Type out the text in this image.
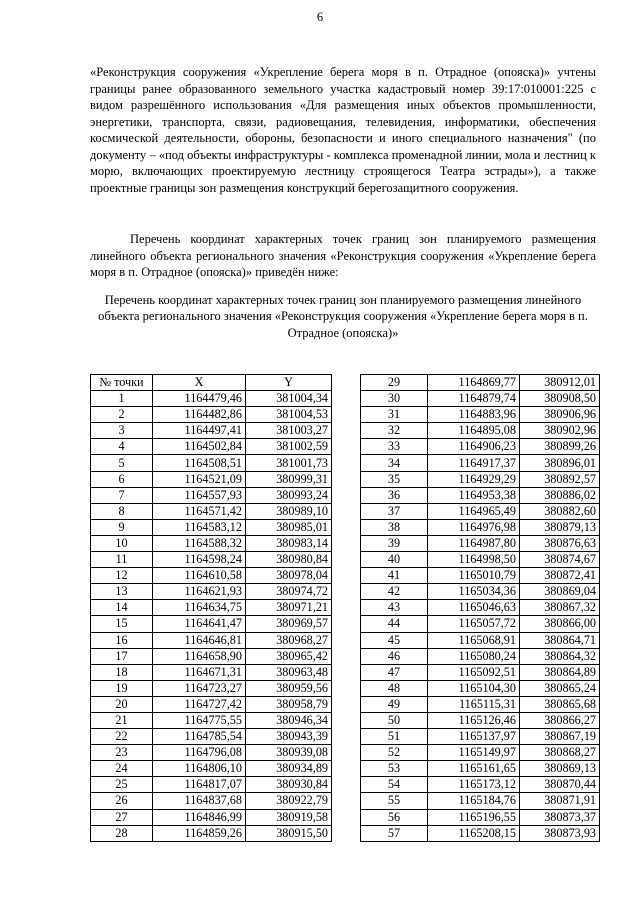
6

«Реконструкция сооружения «Укрепление берега моря в п. Отрадное (опояска)» учтены границы ранее образованного земельного участка кадастровый номер 39:17:010001:225 с видом разрешённого использования «Для размещения иных объектов промышленности, энергетики, транспорта, связи, радиовещания, телевидения, информатики, обеспечения космической деятельности, обороны, безопасности и иного специального назначения" (по документу – «под объекты инфраструктуры - комплекса променадной линии, мола и лестниц к морю, включающих проектируемую лестницу строящегося Театра эстрады»), а также проектные границы зон размещения конструкций берегозащитного сооружения.

Перечень координат характерных точек границ зон планируемого размещения линейного объекта регионального значения «Реконструкция сооружения «Укрепление берега моря в п. Отрадное (опояска)» приведён ниже:

Перечень координат характерных точек границ зон планируемого размещения линейного объекта регионального значения «Реконструкция сооружения «Укрепление берега моря в п. Отрадное (опояска)»

№ точки	X	Y
1	1164479,46	381004,34
2	1164482,86	381004,53
3	1164497,41	381003,27
4	1164502,84	381002,59
5	1164508,51	381001,73
6	1164521,09	380999,31
7	1164557,93	380993,24
8	1164571,42	380989,10
9	1164583,12	380985,01
10	1164588,32	380983,14
11	1164598,24	380980,84
12	1164610,58	380978,04
13	1164621,93	380974,72
14	1164634,75	380971,21
15	1164641,47	380969,57
16	1164646,81	380968,27
17	1164658,90	380965,42
18	1164671,31	380963,48
19	1164723,27	380959,56
20	1164727,42	380958,79
21	1164775,55	380946,34
22	1164785,54	380943,39
23	1164796,08	380939,08
24	1164806,10	380934,89
25	1164817,07	380930,84
26	1164837,68	380922,79
27	1164846,99	380919,58
28	1164859,26	380915,50
29	1164869,77	380912,01
30	1164879,74	380908,50
31	1164883,96	380906,96
32	1164895,08	380902,96
33	1164906,23	380899,26
34	1164917,37	380896,01
35	1164929,29	380892,57
36	1164953,38	380886,02
37	1164965,49	380882,60
38	1164976,98	380879,13
39	1164987,80	380876,63
40	1164998,50	380874,67
41	1165010,79	380872,41
42	1165034,36	380869,04
43	1165046,63	380867,32
44	1165057,72	380866,00
45	1165068,91	380864,71
46	1165080,24	380864,32
47	1165092,51	380864,89
48	1165104,30	380865,24
49	1165115,31	380865,68
50	1165126,46	380866,27
51	1165137,97	380867,19
52	1165149,97	380868,27
53	1165161,65	380869,13
54	1165173,12	380870,44
55	1165184,76	380871,91
56	1165196,55	380873,37
57	1165208,15	380873,93
